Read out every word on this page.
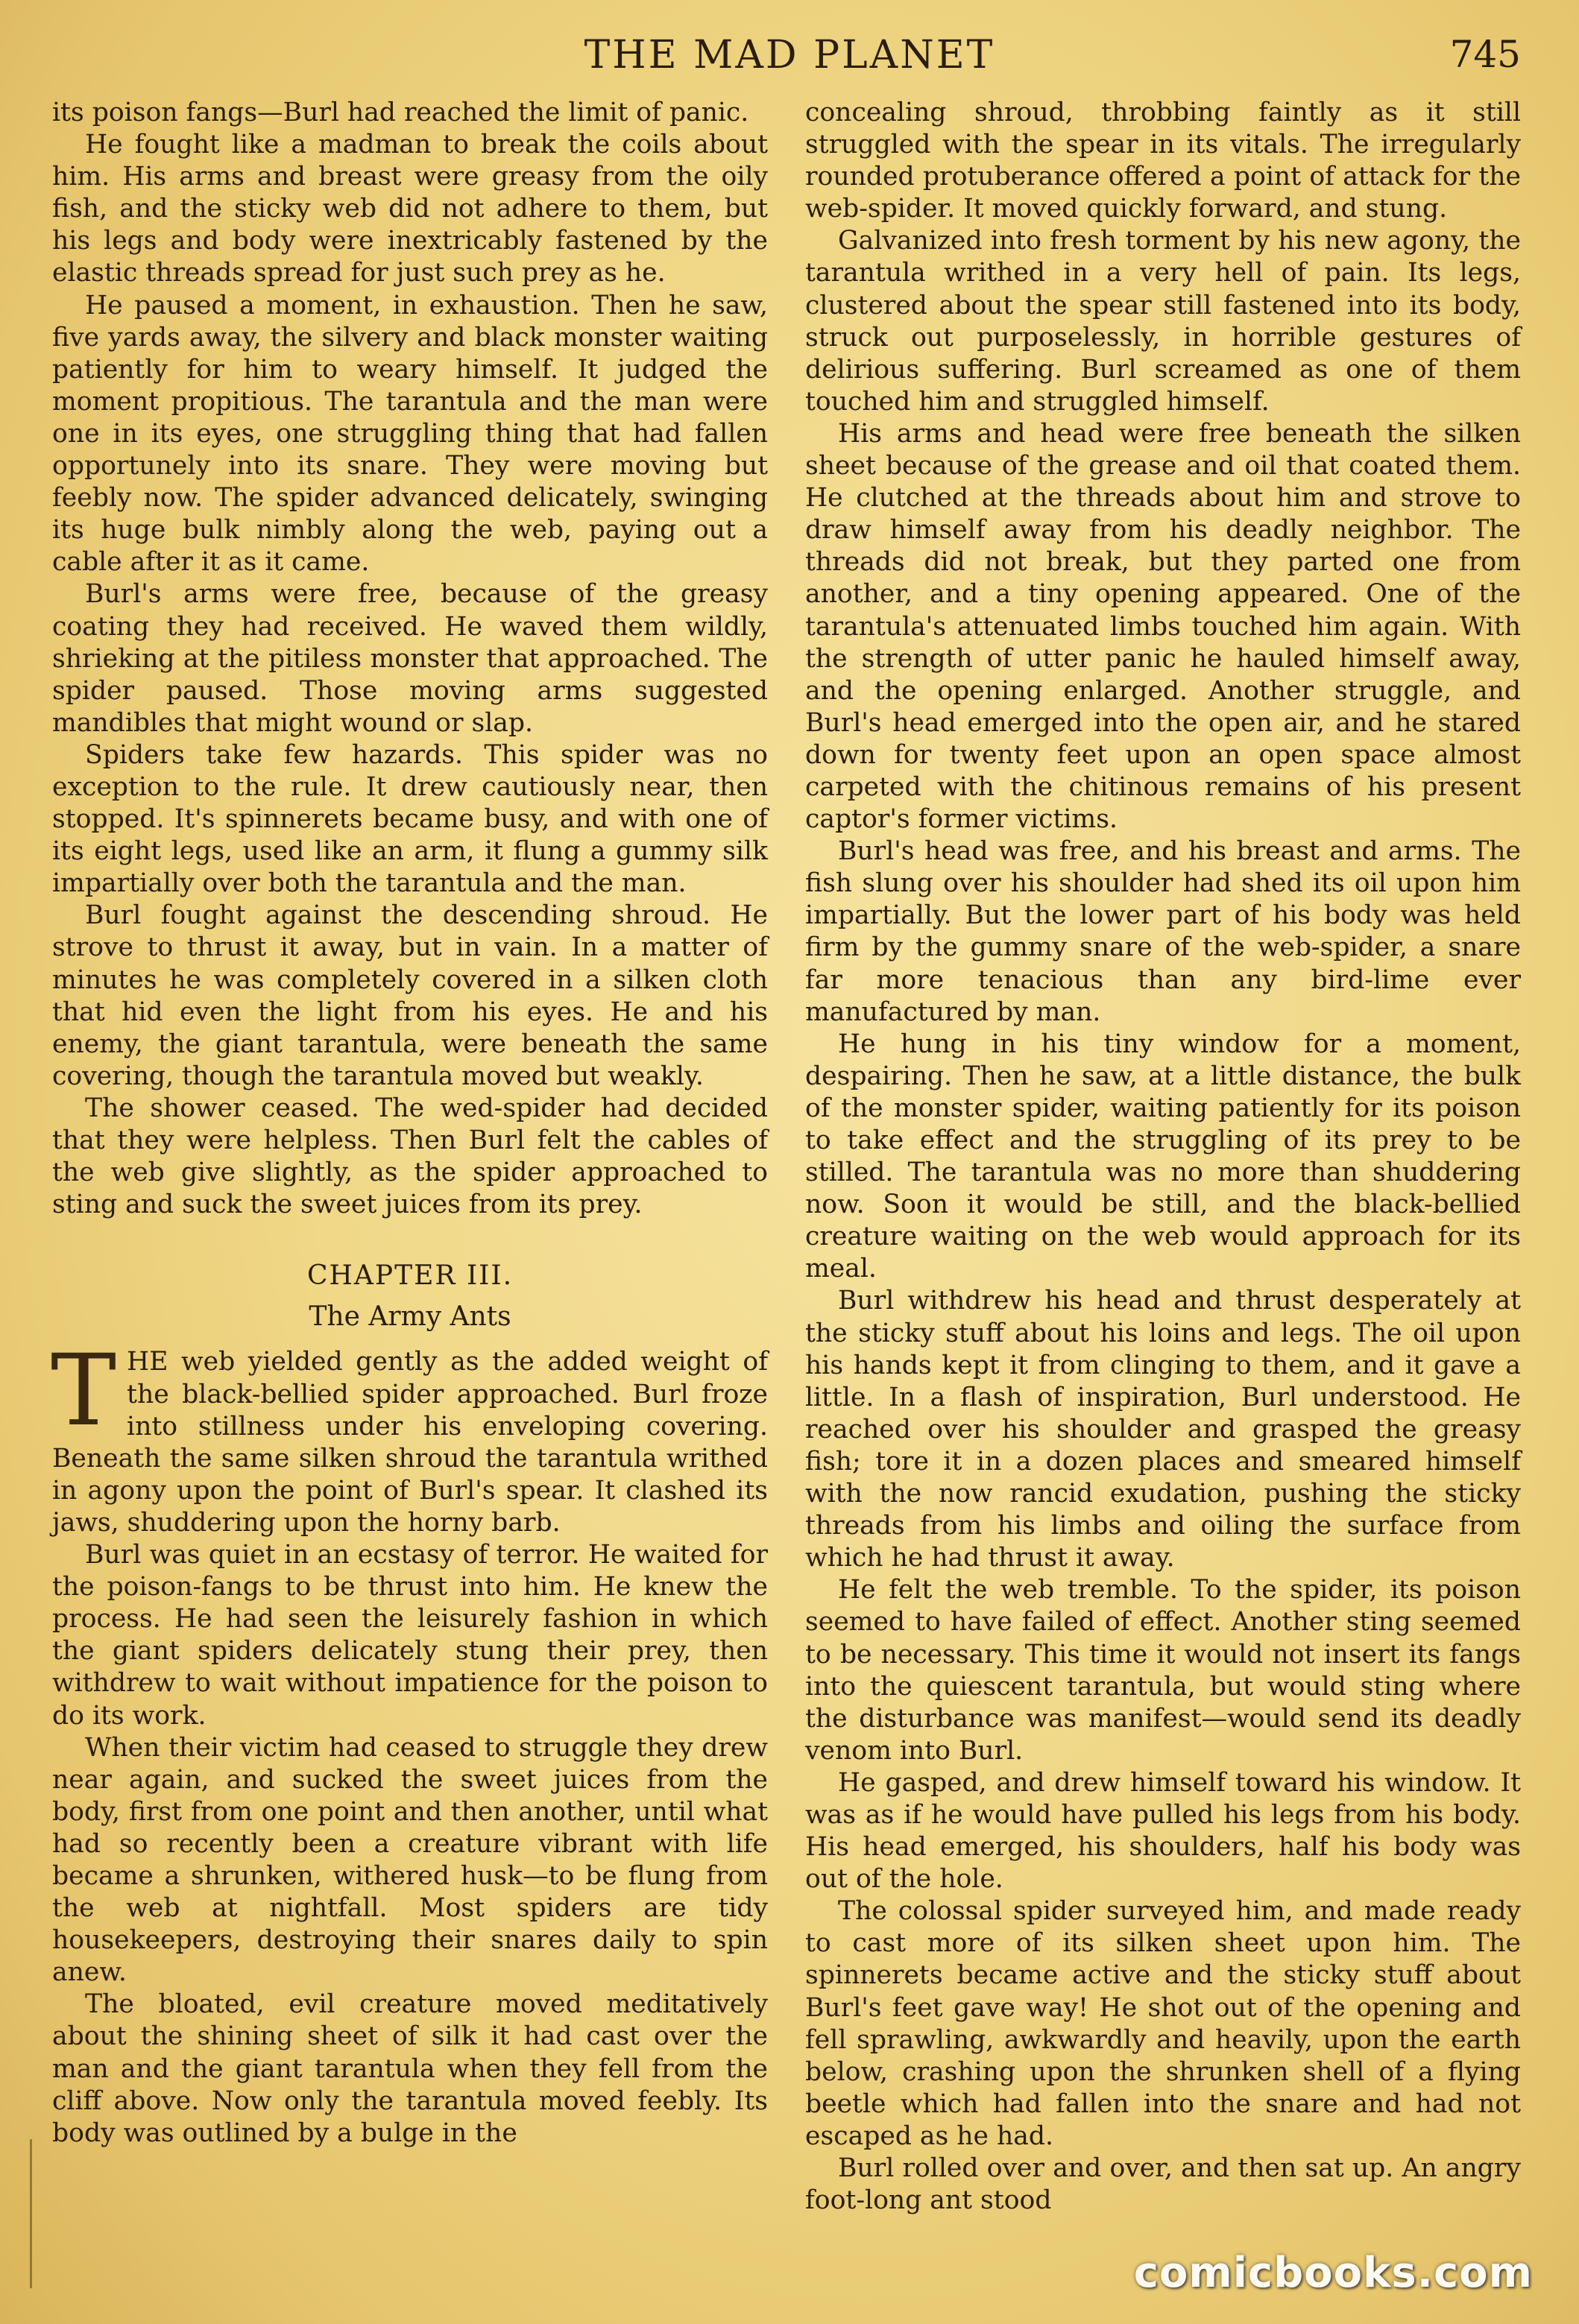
THE MAD PLANET	745

its poison fangs—Burl had reached the limit of panic.

He fought like a madman to break the coils about him. His arms and breast were greasy from the oily fish, and the sticky web did not adhere to them, but his legs and body were inextricably fastened by the elastic threads spread for just such prey as he.

He paused a moment, in exhaustion. Then he saw, five yards away, the silvery and black monster waiting patiently for him to weary himself. It judged the moment propitious. The tarantula and the man were one in its eyes, one struggling thing that had fallen opportunely into its snare. They were moving but feebly now. The spider advanced delicately, swinging its huge bulk nimbly along the web, paying out a cable after it as it came.

Burl's arms were free, because of the greasy coating they had received. He waved them wildly, shrieking at the pitiless monster that approached. The spider paused. Those moving arms suggested mandibles that might wound or slap.

Spiders take few hazards. This spider was no exception to the rule. It drew cautiously near, then stopped. It's spinnerets became busy, and with one of its eight legs, used like an arm, it flung a gummy silk impartially over both the tarantula and the man.

Burl fought against the descending shroud. He strove to thrust it away, but in vain. In a matter of minutes he was completely covered in a silken cloth that hid even the light from his eyes. He and his enemy, the giant tarantula, were beneath the same covering, though the tarantula moved but weakly.

The shower ceased. The wed-spider had decided that they were helpless. Then Burl felt the cables of the web give slightly, as the spider approached to sting and suck the sweet juices from its prey.

CHAPTER III.
The Army Ants

THE web yielded gently as the added weight of the black-bellied spider approached. Burl froze into stillness under his enveloping covering. Beneath the same silken shroud the tarantula writhed in agony upon the point of Burl's spear. It clashed its jaws, shuddering upon the horny barb.

Burl was quiet in an ecstasy of terror. He waited for the poison-fangs to be thrust into him. He knew the process. He had seen the leisurely fashion in which the giant spiders delicately stung their prey, then withdrew to wait without impatience for the poison to do its work.

When their victim had ceased to struggle they drew near again, and sucked the sweet juices from the body, first from one point and then another, until what had so recently been a creature vibrant with life became a shrunken, withered husk—to be flung from the web at nightfall. Most spiders are tidy housekeepers, destroying their snares daily to spin anew.

The bloated, evil creature moved meditatively about the shining sheet of silk it had cast over the man and the giant tarantula when they fell from the cliff above. Now only the tarantula moved feebly. Its body was outlined by a bulge in the

concealing shroud, throbbing faintly as it still struggled with the spear in its vitals. The irregularly rounded protuberance offered a point of attack for the web-spider. It moved quickly forward, and stung.

Galvanized into fresh torment by his new agony, the tarantula writhed in a very hell of pain. Its legs, clustered about the spear still fastened into its body, struck out purposelessly, in horrible gestures of delirious suffering. Burl screamed as one of them touched him and struggled himself.

His arms and head were free beneath the silken sheet because of the grease and oil that coated them. He clutched at the threads about him and strove to draw himself away from his deadly neighbor. The threads did not break, but they parted one from another, and a tiny opening appeared. One of the tarantula's attenuated limbs touched him again. With the strength of utter panic he hauled himself away, and the opening enlarged. Another struggle, and Burl's head emerged into the open air, and he stared down for twenty feet upon an open space almost carpeted with the chitinous remains of his present captor's former victims.

Burl's head was free, and his breast and arms. The fish slung over his shoulder had shed its oil upon him impartially. But the lower part of his body was held firm by the gummy snare of the web-spider, a snare far more tenacious than any bird-lime ever manufactured by man.

He hung in his tiny window for a moment, despairing. Then he saw, at a little distance, the bulk of the monster spider, waiting patiently for its poison to take effect and the struggling of its prey to be stilled. The tarantula was no more than shuddering now. Soon it would be still, and the black-bellied creature waiting on the web would approach for its meal.

Burl withdrew his head and thrust desperately at the sticky stuff about his loins and legs. The oil upon his hands kept it from clinging to them, and it gave a little. In a flash of inspiration, Burl understood. He reached over his shoulder and grasped the greasy fish; tore it in a dozen places and smeared himself with the now rancid exudation, pushing the sticky threads from his limbs and oiling the surface from which he had thrust it away.

He felt the web tremble. To the spider, its poison seemed to have failed of effect. Another sting seemed to be necessary. This time it would not insert its fangs into the quiescent tarantula, but would sting where the disturbance was manifest—would send its deadly venom into Burl.

He gasped, and drew himself toward his window. It was as if he would have pulled his legs from his body. His head emerged, his shoulders, half his body was out of the hole.

The colossal spider surveyed him, and made ready to cast more of its silken sheet upon him. The spinnerets became active and the sticky stuff about Burl's feet gave way! He shot out of the opening and fell sprawling, awkwardly and heavily, upon the earth below, crashing upon the shrunken shell of a flying beetle which had fallen into the snare and had not escaped as he had.

Burl rolled over and over, and then sat up. An angry foot-long ant stood

comicbooks.com
